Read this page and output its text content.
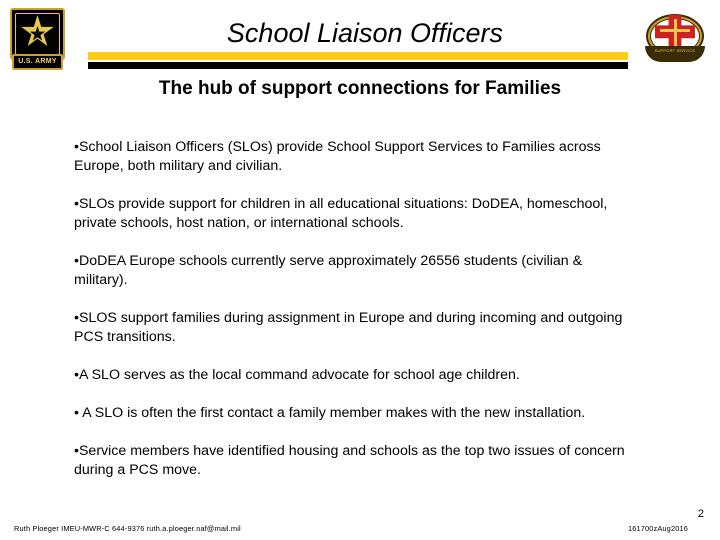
U.S. ARMY
School Liaison Officers
SUPPORT SERVICE
The hub of support connections for Families

•School Liaison Officers (SLOs) provide School Support Services to Families across Europe, both military and civilian.

•SLOs provide support for children in all educational situations: DoDEA, homeschool, private schools, host nation, or international schools.

•DoDEA Europe schools currently serve approximately 26556 students (civilian & military).

•SLOS support families during assignment in Europe and during incoming and outgoing PCS transitions.

•A SLO serves as the local command advocate for school age children.

• A SLO is often the first contact a family member makes with the new installation.

•Service members have identified housing and schools as the top two issues of concern during a PCS move.

2
Ruth Ploeger IMEU-MWR-C 644-9376 ruth.a.ploeger.naf@mail.mil	161700zAug2016
